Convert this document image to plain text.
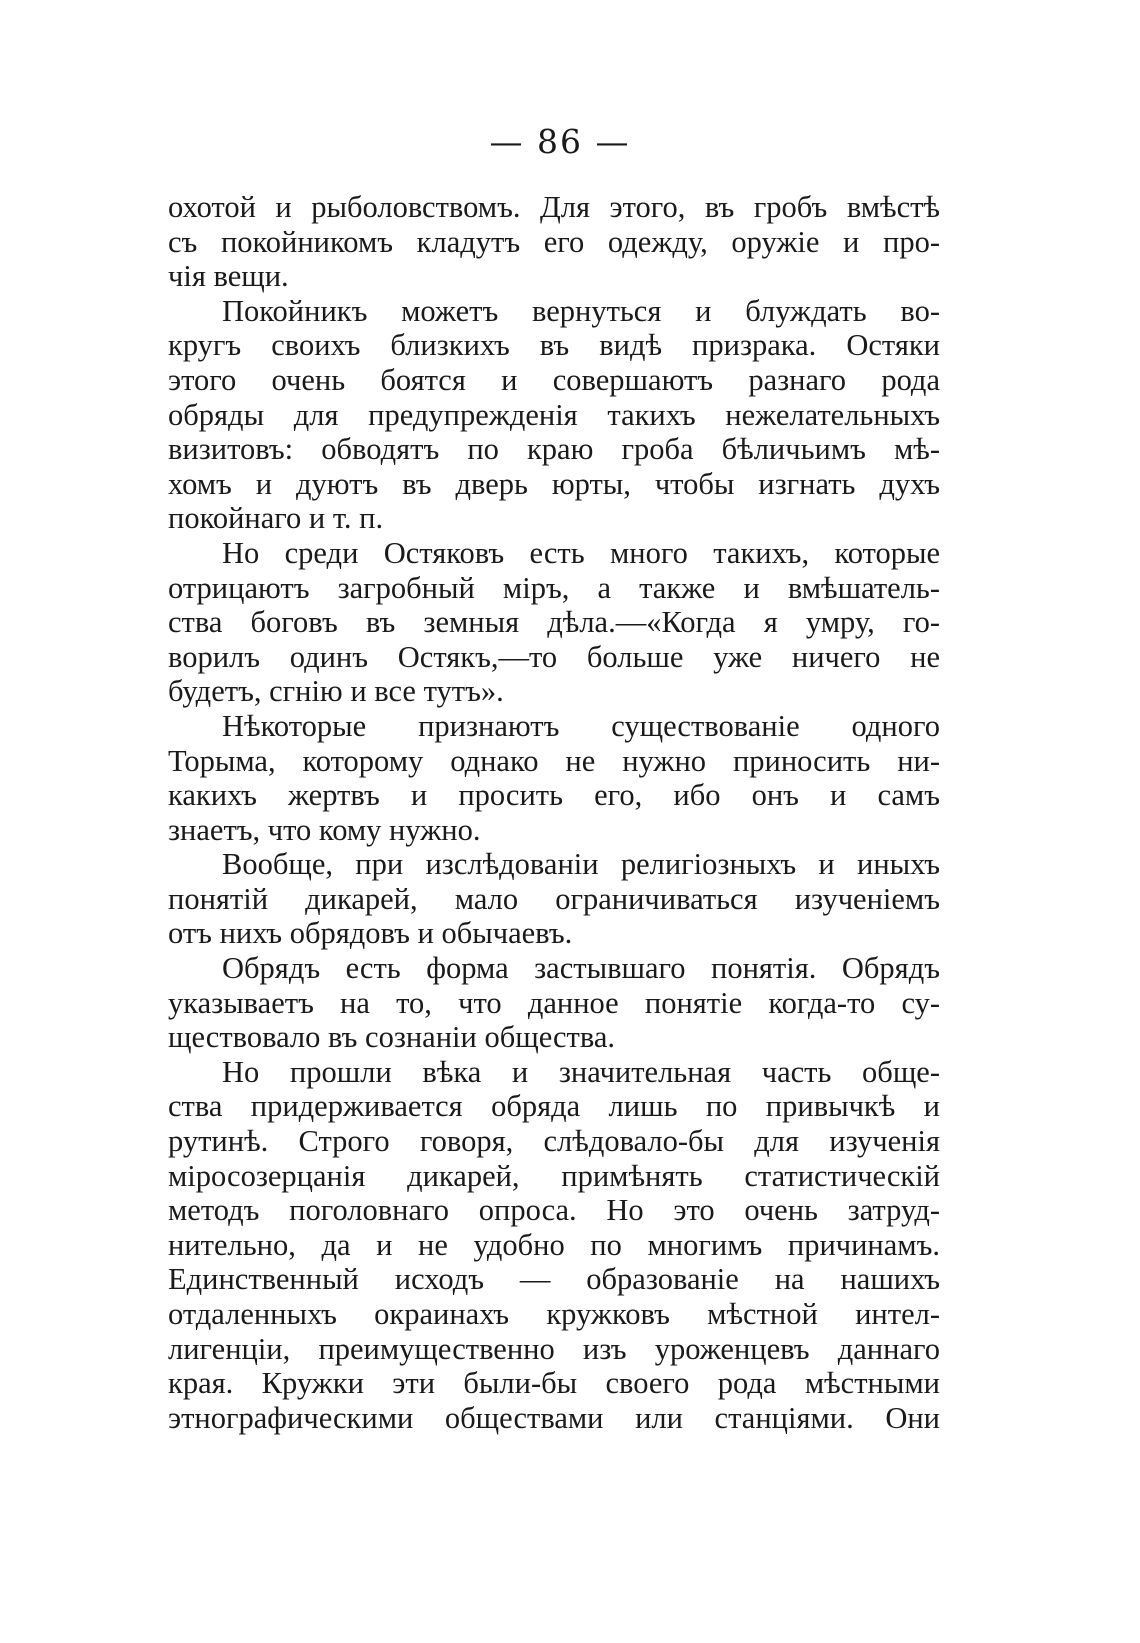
— 86 —
охотой и рыболовствомъ. Для этого, въ гробъ вмѣстѣ
съ покойникомъ кладутъ его одежду, оружіе и про-
чія вещи.
Покойникъ можетъ вернуться и блуждать во-
кругъ своихъ близкихъ въ видѣ призрака. Остяки
этого очень боятся и совершаютъ разнаго рода
обряды для предупрежденія такихъ нежелательныхъ
визитовъ: обводятъ по краю гроба бѣличьимъ мѣ-
хомъ и дуютъ въ дверь юрты, чтобы изгнать духъ
покойнаго и т. п.
Но среди Остяковъ есть много такихъ, которые
отрицаютъ загробный міръ, а также и вмѣшатель-
ства боговъ въ земныя дѣла.—«Когда я умру, го-
ворилъ одинъ Остякъ,—то больше уже ничего не
будетъ, сгнію и все тутъ».
Нѣкоторые признаютъ существованіе одного
Торыма, которому однако не нужно приносить ни-
какихъ жертвъ и просить его, ибо онъ и самъ
знаетъ, что кому нужно.
Вообще, при изслѣдованіи религіозныхъ и иныхъ
понятій дикарей, мало ограничиваться изученіемъ
отъ нихъ обрядовъ и обычаевъ.
Обрядъ есть форма застывшаго понятія. Обрядъ
указываетъ на то, что данное понятіе когда-то су-
ществовало въ сознаніи общества.
Но прошли вѣка и значительная часть обще-
ства придерживается обряда лишь по привычкѣ и
рутинѣ. Строго говоря, слѣдовало-бы для изученія
міросозерцанія дикарей, примѣнять статистическій
методъ поголовнаго опроса. Но это очень затруд-
нительно, да и не удобно по многимъ причинамъ.
Единственный исходъ — образованіе на нашихъ
отдаленныхъ окраинахъ кружковъ мѣстной интел-
лигенціи, преимущественно изъ уроженцевъ даннаго
края. Кружки эти были-бы своего рода мѣстными
этнографическими обществами или станціями. Они
